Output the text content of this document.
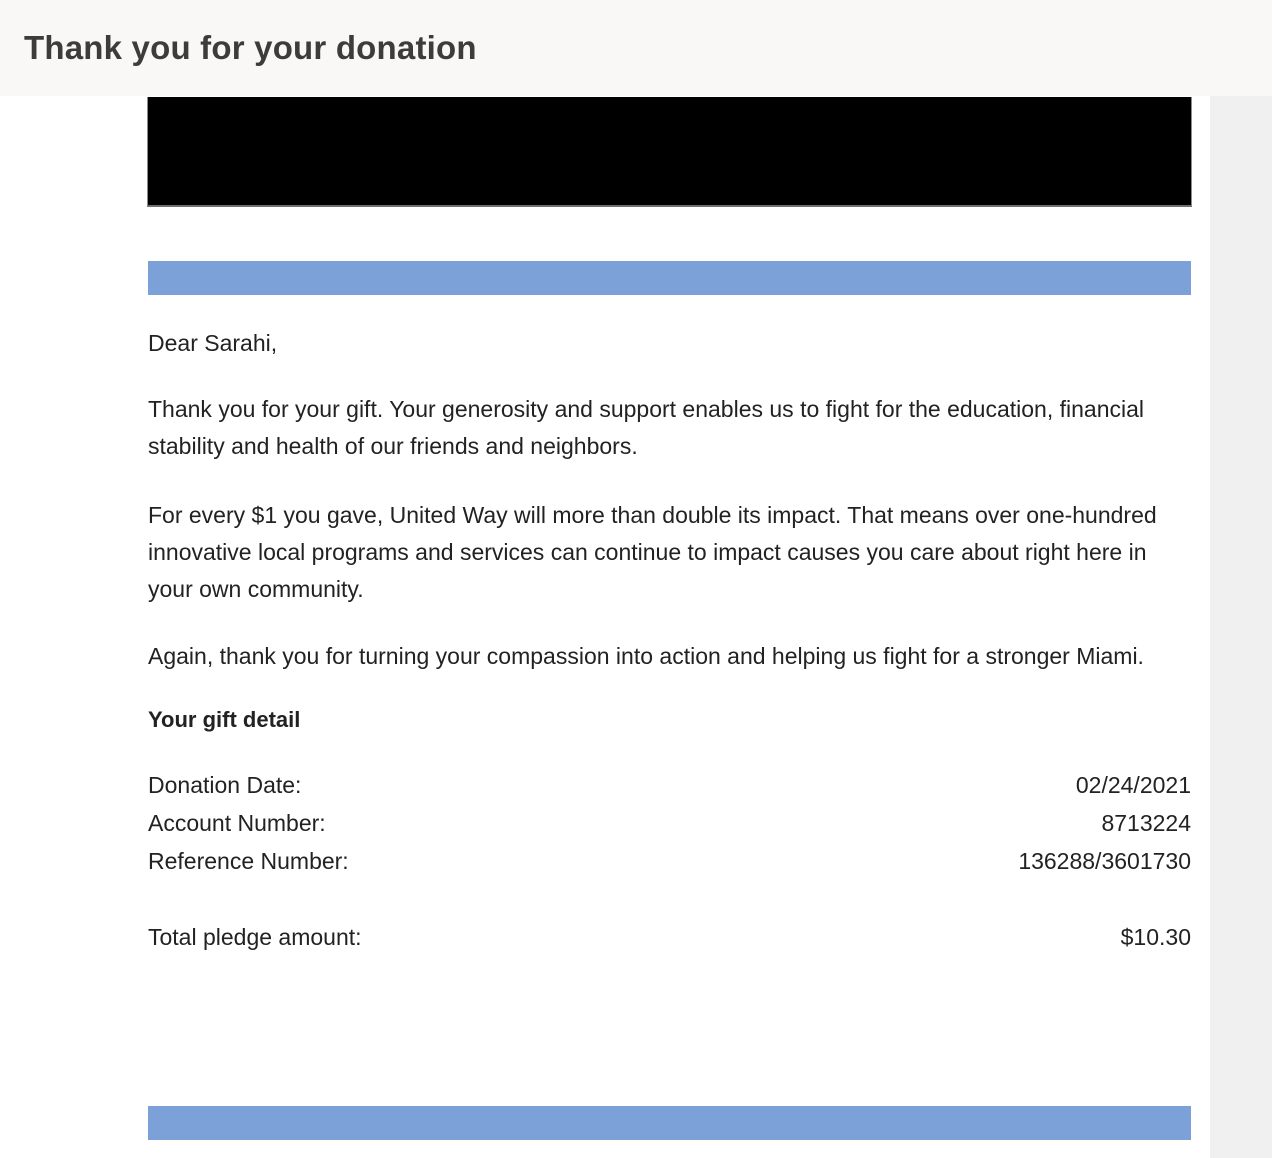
Thank you for your donation
Dear Sarahi,

Thank you for your gift. Your generosity and support enables us to fight for the education, financial stability and health of our friends and neighbors.

For every $1 you gave, United Way will more than double its impact. That means over one-hundred innovative local programs and services can continue to impact causes you care about right here in your own community.

Again, thank you for turning your compassion into action and helping us fight for a stronger Miami.

Your gift detail
Donation Date:	02/24/2021
Account Number:	8713224
Reference Number:	136288/3601730
Total pledge amount:	$10.30
